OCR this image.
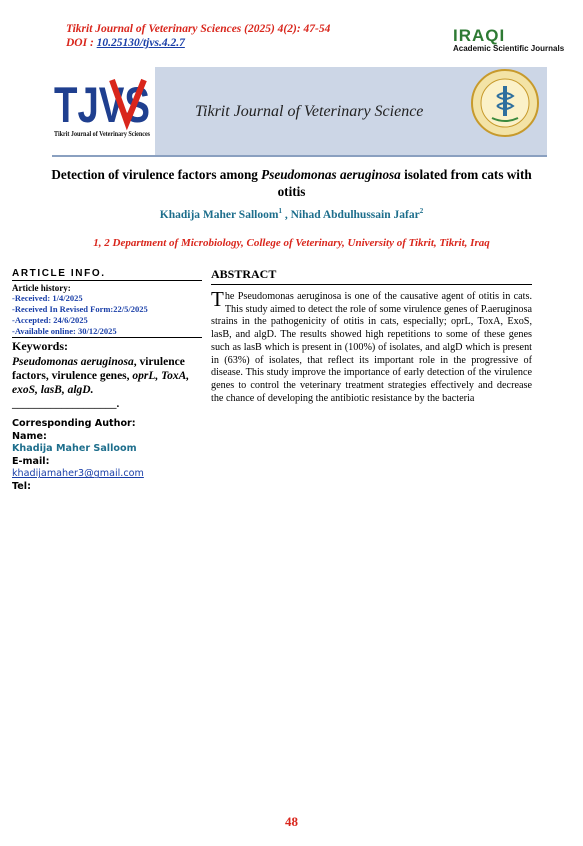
Tikrit Journal of Veterinary Sciences (2025) 4(2): 47-54
DOI : 10.25130/tjvs.4.2.7	IRAQI
Academic Scientific Journals
Tikrit Journal of Veterinary Science
TJVS
Tikrit Journal of Veterinary Sciences
Detection of virulence factors among Pseudomonas aeruginosa isolated from cats with otitis
Khadija Maher Salloom$^1$ , Nihad Abdulhussain Jafar$^2$
1, 2 Department of Microbiology, College of Veterinary, University of Tikrit, Tikrit, Iraq
ARTICLE INFO.
Article history:
-Received: 1/4/2025
-Received In Revised Form:22/5/2025
-Accepted: 24/6/2025
-Available online: 30/12/2025
Keywords:
Pseudomonas aeruginosa, virulence factors, virulence genes, oprL, ToxA, exoS, lasB, algD.
___________________.
Corresponding Author:
Name:
Khadija Maher Salloom
E-mail:
khadijamaher3@gmail.com
Tel:
ABSTRACT
The Pseudomonas aeruginosa is one of the causative agent of otitis in cats. This study aimed to detect the role of some virulence genes of P.aeruginosa strains in the pathogenicity of otitis in cats, especially; oprL, ToxA, ExoS, lasB, and algD. The results showed high repetitions to some of these genes such as lasB which is present in (100%) of isolates, and algD which is present in (63%) of isolates, that reflect its important role in the progressive of disease. This study improve the importance of early detection of the virulence genes to control the veterinary treatment strategies effectively and decrease the chance of developing the antibiotic resistance by the bacteria
48
